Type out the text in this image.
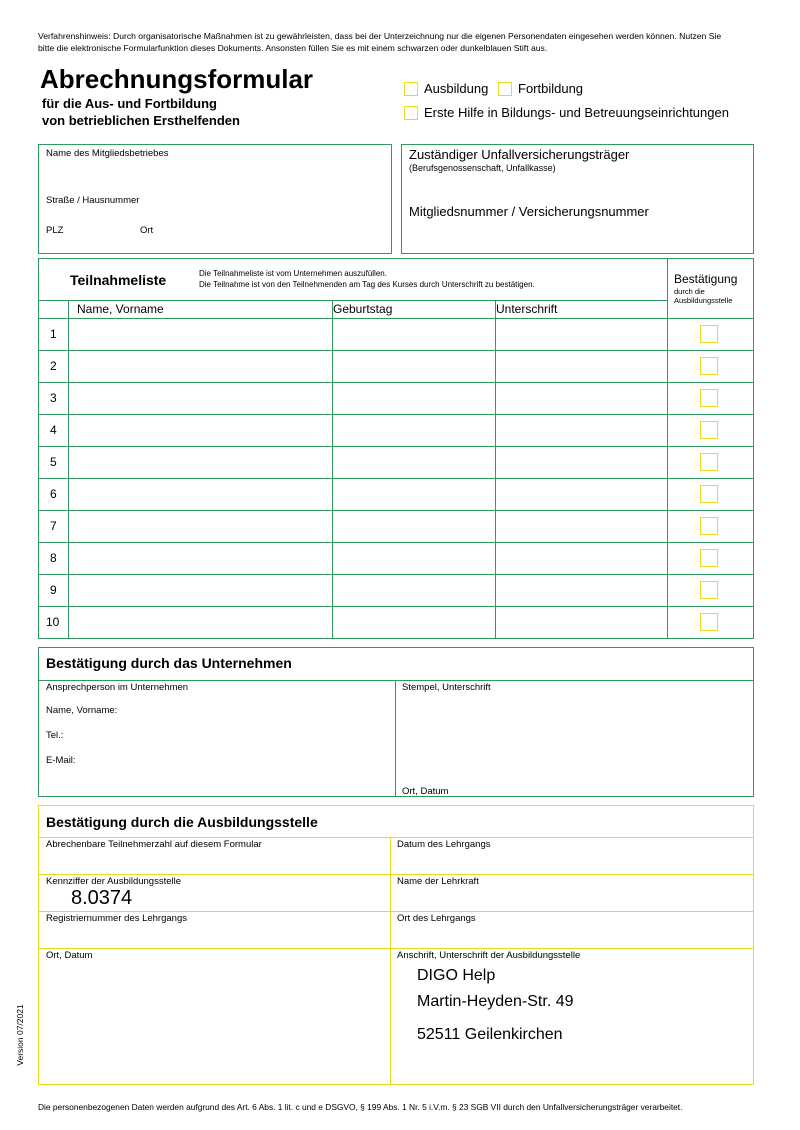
Verfahrenshinweis: Durch organisatorische Maßnahmen ist zu gewährleisten, dass bei der Unterzeichnung nur die eigenen Personendaten eingesehen werden können. Nutzen Sie bitte die elektronische Formularfunktion dieses Dokuments. Ansonsten füllen Sie es mit einem schwarzen oder dunkelblauen Stift aus.
Abrechnungsformular
für die Aus- und Fortbildung
von betrieblichen Ersthelfenden
Ausbildung Fortbildung
Erste Hilfe in Bildungs- und Betreuungseinrichtungen
Name des Mitgliedsbetriebes
Straße / Hausnummer
PLZ	Ort
Zuständiger Unfallversicherungsträger
(Berufsgenossenschaft, Unfallkasse)
Mitgliedsnummer / Versicherungsnummer
Teilnahmeliste	Die Teilnahmeliste ist vom Unternehmen auszufüllen.
Die Teilnahme ist von den Teilnehmenden am Tag des Kurses durch Unterschrift zu bestätigen.	Bestätigung
durch die
Ausbildungsstelle
Name, Vorname	Geburtstag	Unterschrift
1
2
3
4
5
6
7
8
9
10
Bestätigung durch das Unternehmen
Ansprechperson im Unternehmen
Name, Vorname:
Tel.:
E-Mail:
Stempel, Unterschrift
Ort, Datum
Bestätigung durch die Ausbildungsstelle
Abrechenbare Teilnehmerzahl auf diesem Formular	Datum des Lehrgangs
Kennziffer der Ausbildungsstelle
8.0374
Name der Lehrkraft
Registriernummer des Lehrgangs	Ort des Lehrgangs
Ort, Datum	Anschrift, Unterschrift der Ausbildungsstelle
DIGO Help
Martin-Heyden-Str. 49
52511 Geilenkirchen
Version 07/2021
Die personenbezogenen Daten werden aufgrund des Art. 6 Abs. 1 lit. c und e DSGVO, § 199 Abs. 1 Nr. 5 i.V.m. § 23 SGB VII durch den Unfallversicherungsträger verarbeitet.
